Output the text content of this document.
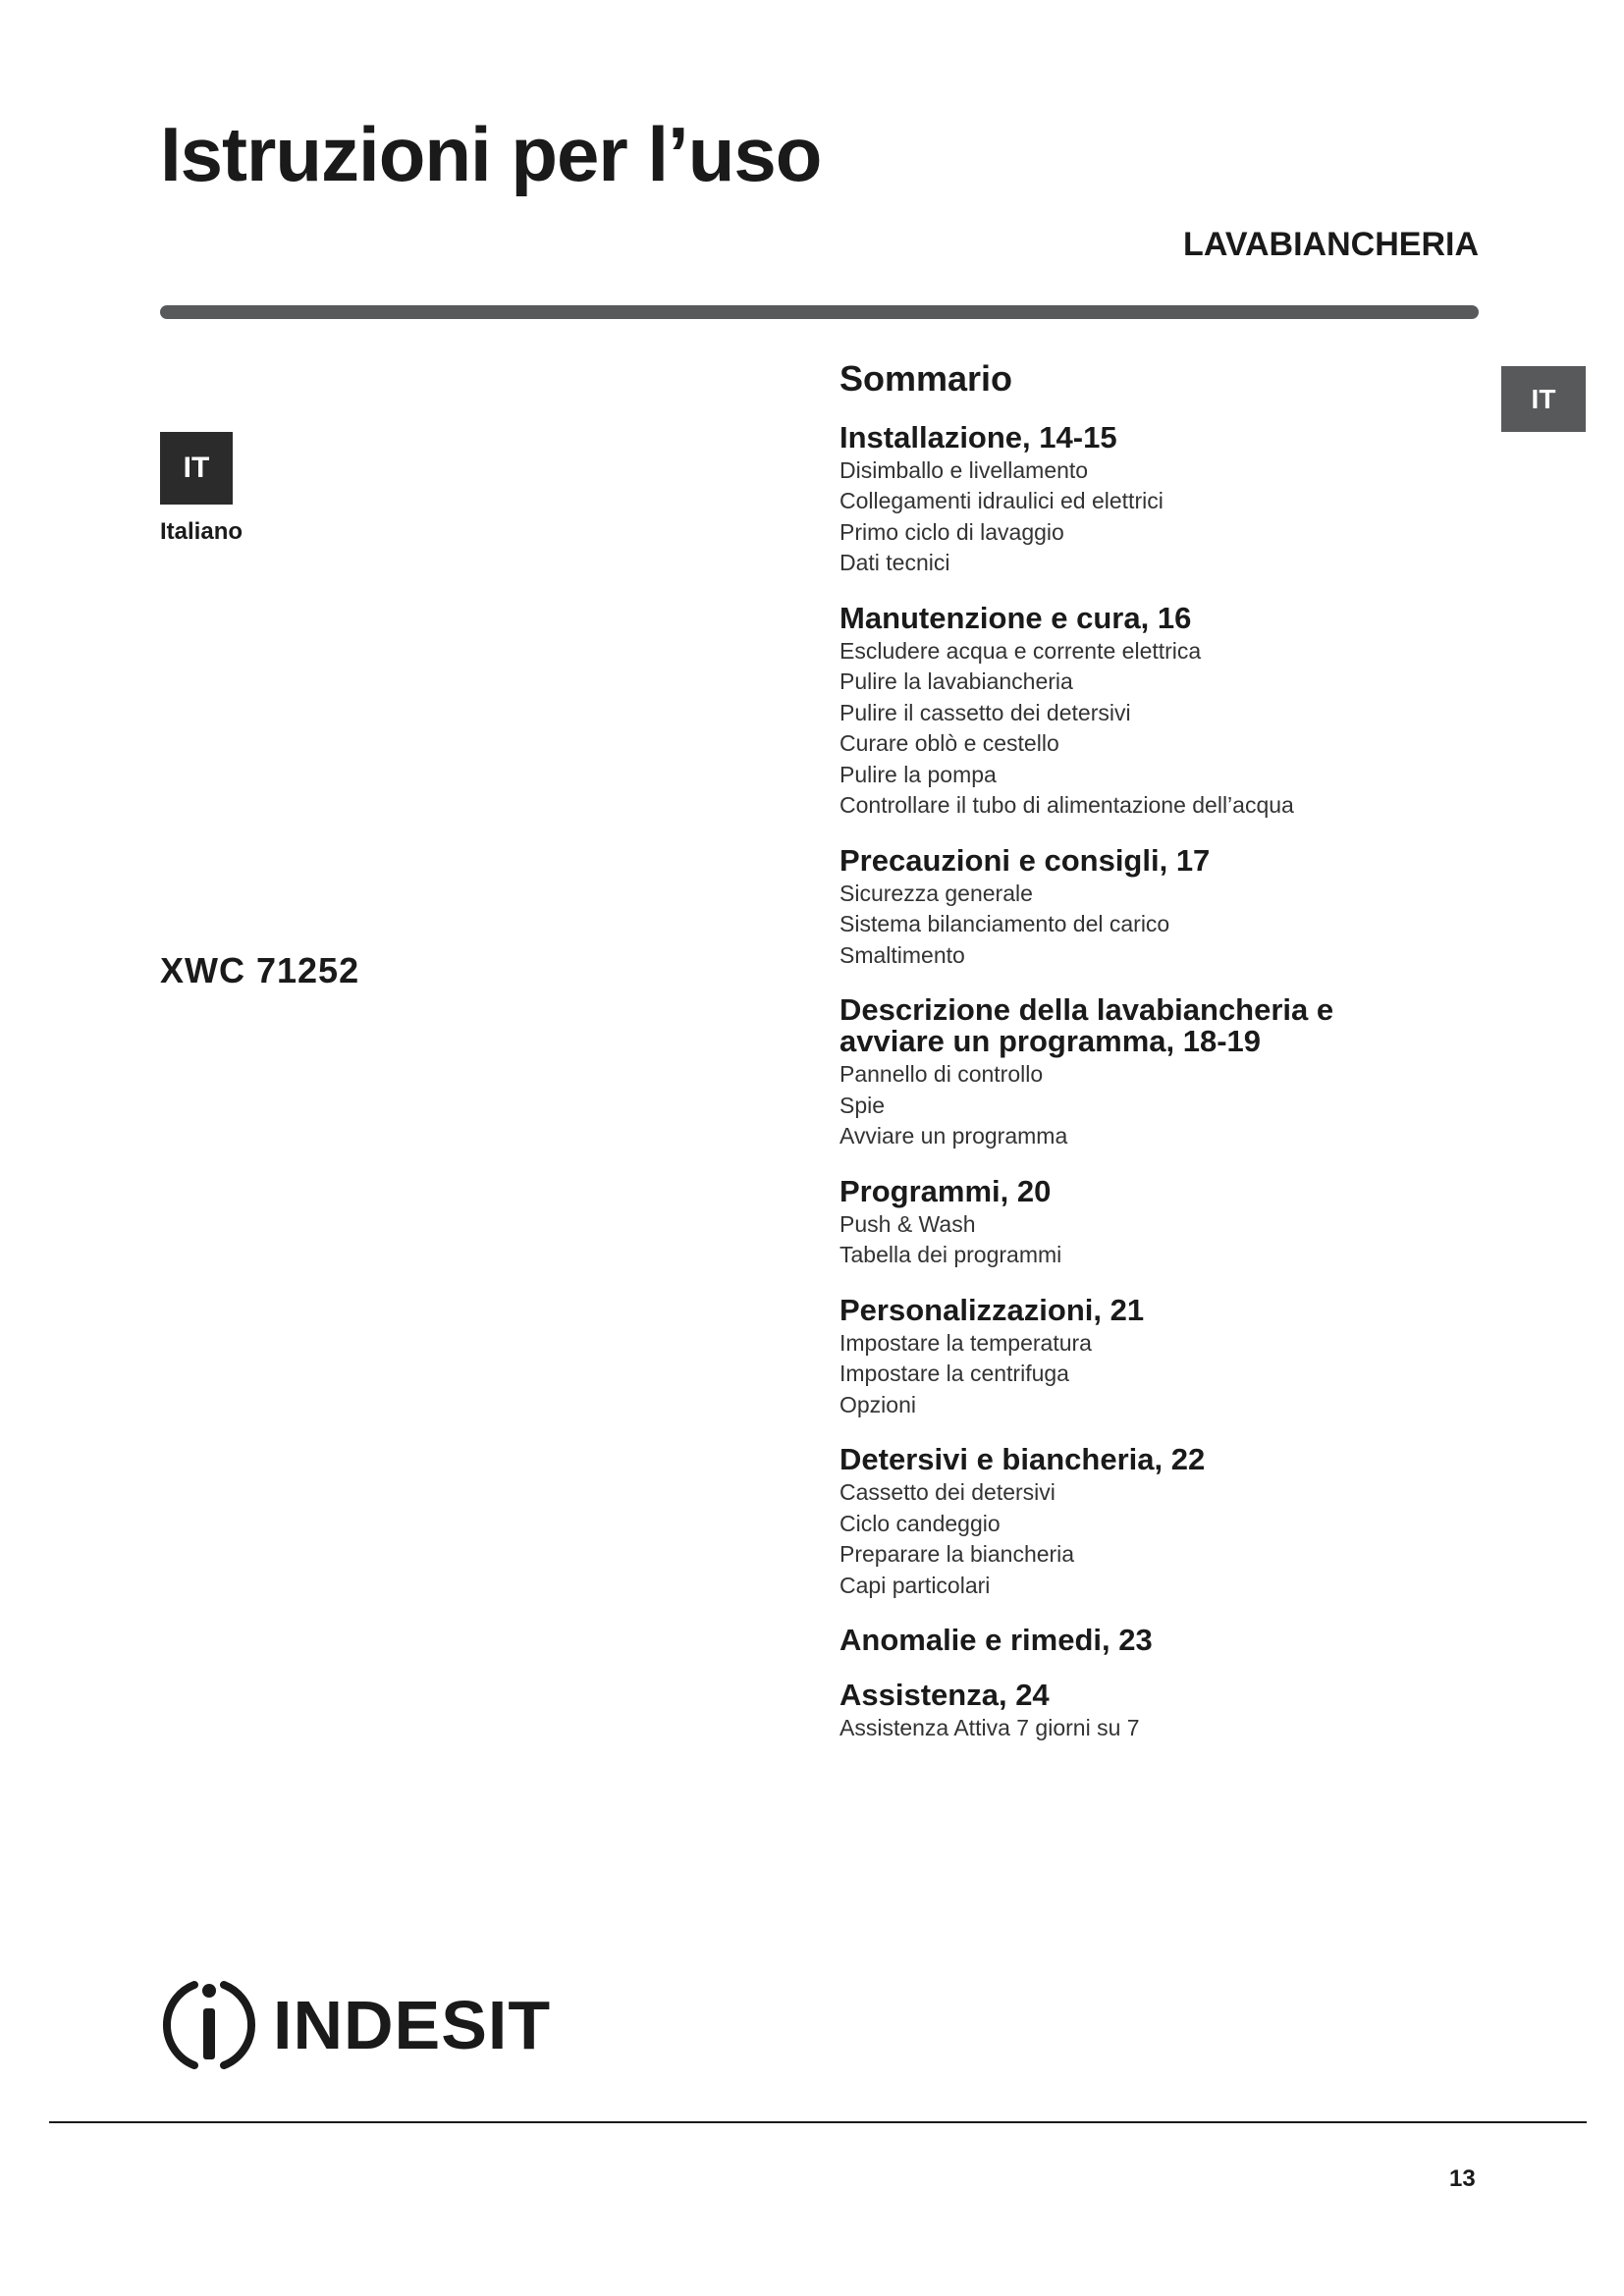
Istruzioni per l’uso
LAVABIANCHERIA
IT
Italiano
XWC 71252
IT
Sommario
Installazione, 14-15
Disimballo e livellamento
Collegamenti idraulici ed elettrici
Primo ciclo di lavaggio
Dati tecnici
Manutenzione e cura, 16
Escludere acqua e corrente elettrica
Pulire la lavabiancheria
Pulire il cassetto dei detersivi
Curare oblò e cestello
Pulire la pompa
Controllare il tubo di alimentazione dell’acqua
Precauzioni e consigli, 17
Sicurezza generale
Sistema bilanciamento del carico
Smaltimento
Descrizione della lavabiancheria e
avviare un programma, 18-19
Pannello di controllo
Spie
Avviare un programma
Programmi, 20
Push & Wash
Tabella dei programmi
Personalizzazioni, 21
Impostare la temperatura
Impostare la centrifuga
Opzioni
Detersivi e biancheria, 22
Cassetto dei detersivi
Ciclo candeggio
Preparare la biancheria
Capi particolari
Anomalie e rimedi, 23
Assistenza, 24
Assistenza Attiva 7 giorni su 7
INDESIT
13
